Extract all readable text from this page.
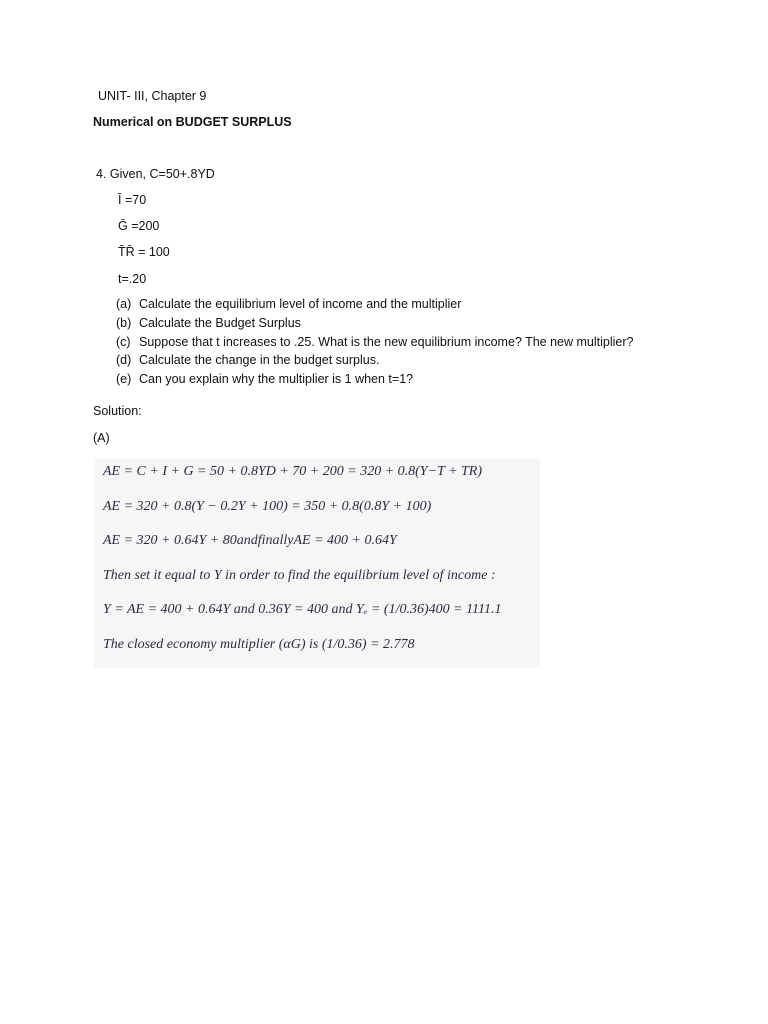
UNIT- III, Chapter 9
Numerical on BUDGET SURPLUS
4. Given, C=50+.8YD
Ī =70
Ḡ =200
T̄R̄ = 100
t=.20
(a) Calculate the equilibrium level of income and the multiplier
(b) Calculate the Budget Surplus
(c) Suppose that t increases to .25. What is the new equilibrium income? The new multiplier?
(d) Calculate the change in the budget surplus.
(e) Can you explain why the multiplier is 1 when t=1?
Solution:
(A)
AE = C + I + G = 50 + 0.8YD + 70 + 200 = 320 + 0.8(Y−T + TR)
AE = 320 + 0.8(Y − 0.2Y + 100) = 350 + 0.8(0.8Y + 100)
AE = 320 + 0.64Y + 80andfinallyAE = 400 + 0.64Y
Then set it equal to Y in order to find the equilibrium level of income :
Y = AE = 400 + 0.64Y and 0.36Y = 400 and Yₑ = (1/0.36)400 = 1111.1
The closed economy multiplier (αG) is (1/0.36) = 2.778
